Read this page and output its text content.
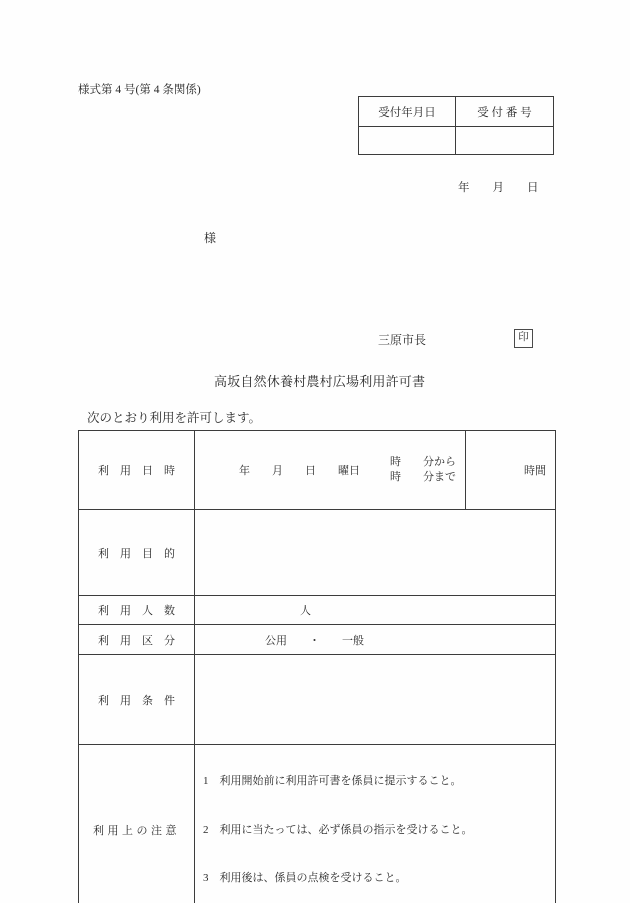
様式第 4 号(第 4 条関係)
受付年月日	受 付 番 号

年　　月　　日
様
三原市長	印
高坂自然休養村農村広場利用許可書
次のとおり利用を許可します。
利　用　日　時	年　　月　　日　　曜日
時　　分から
時　　分まで	時間
利　用　目　的		
利　用　人　数	人	
利　用　区　分	公用　　・　　一般	
利　用　条　件		
利用上の注意	1　利用開始前に利用許可書を係員に提示すること。

2　利用に当たっては、必ず係員の指示を受けること。

3　利用後は、係員の点検を受けること。	
